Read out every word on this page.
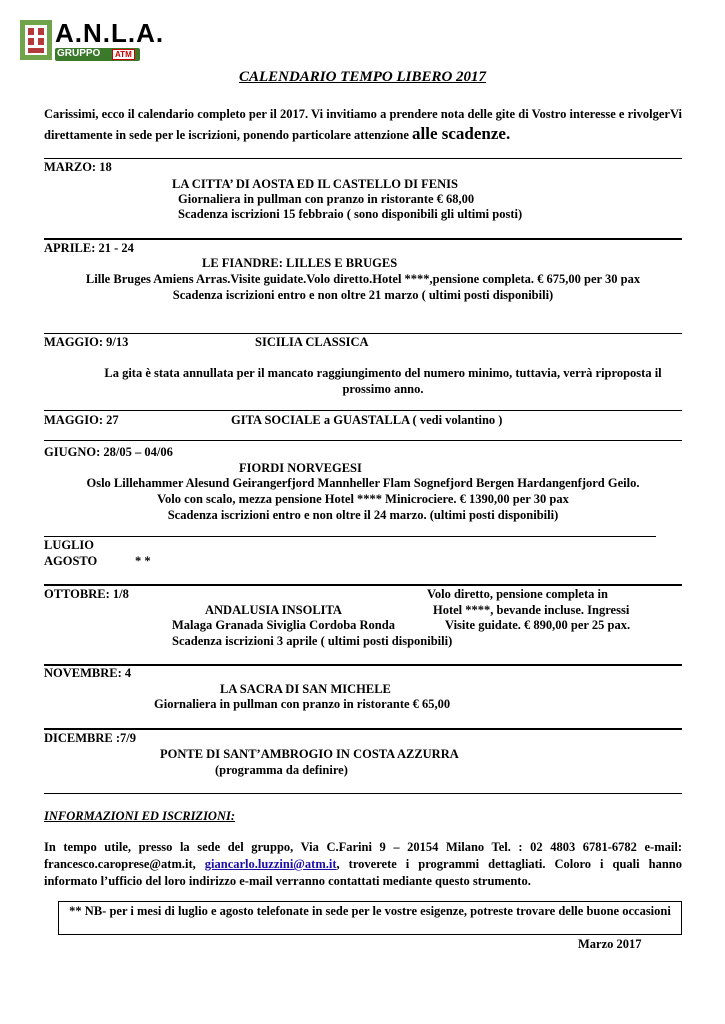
A.N.L.A.
GRUPPO	ATM
CALENDARIO TEMPO LIBERO 2017
Carissimi, ecco il calendario completo per il 2017. Vi invitiamo a prendere nota delle gite di Vostro interesse e rivolgerVi direttamente in sede per le iscrizioni, ponendo particolare attenzione alle scadenze.
MARZO: 18
LA CITTA’ DI AOSTA ED IL CASTELLO DI FENIS
Giornaliera in pullman con pranzo in ristorante € 68,00
Scadenza iscrizioni 15 febbraio ( sono disponibili gli ultimi posti)
APRILE: 21 - 24
LE FIANDRE: LILLES E BRUGES
Lille Bruges Amiens Arras.Visite guidate.Volo diretto.Hotel ****,pensione completa. € 675,00 per 30 pax
Scadenza iscrizioni entro e non oltre 21 marzo ( ultimi posti disponibili)
MAGGIO: 9/13	SICILIA CLASSICA
La gita è stata annullata per il mancato raggiungimento del numero minimo, tuttavia, verrà riproposta il prossimo anno.
MAGGIO: 27	GITA SOCIALE a GUASTALLA ( vedi volantino )
GIUGNO: 28/05 – 04/06
FIORDI NORVEGESI
Oslo Lillehammer Alesund Geirangerfjord Mannheller Flam Sognefjord Bergen Hardangenfjord Geilo.
Volo con scalo, mezza pensione Hotel **** Minicrociere. € 1390,00 per 30 pax
Scadenza iscrizioni entro e non oltre il 24 marzo. (ultimi posti disponibili)
LUGLIO
AGOSTO	* *
OTTOBRE: 1/8
ANDALUSIA INSOLITA
Malaga Granada Siviglia Cordoba Ronda
Scadenza iscrizioni 3 aprile ( ultimi posti disponibili)
Volo diretto, pensione completa in
Hotel ****, bevande incluse. Ingressi
Visite guidate. € 890,00 per 25 pax.
NOVEMBRE: 4
LA SACRA DI SAN MICHELE
Giornaliera in pullman con pranzo in ristorante € 65,00
DICEMBRE :7/9
PONTE DI SANT’AMBROGIO IN COSTA AZZURRA
(programma da definire)
INFORMAZIONI ED ISCRIZIONI:
In tempo utile, presso la sede del gruppo, Via C.Farini 9 – 20154 Milano Tel. : 02 4803 6781-6782 e-mail: francesco.caroprese@atm.it, giancarlo.luzzini@atm.it, troverete i programmi dettagliati. Coloro i quali hanno informato l’ufficio del loro indirizzo e-mail verranno contattati mediante questo strumento.
** NB- per i mesi di luglio e agosto telefonate in sede per le vostre esigenze, potreste trovare delle buone occasioni
Marzo 2017
